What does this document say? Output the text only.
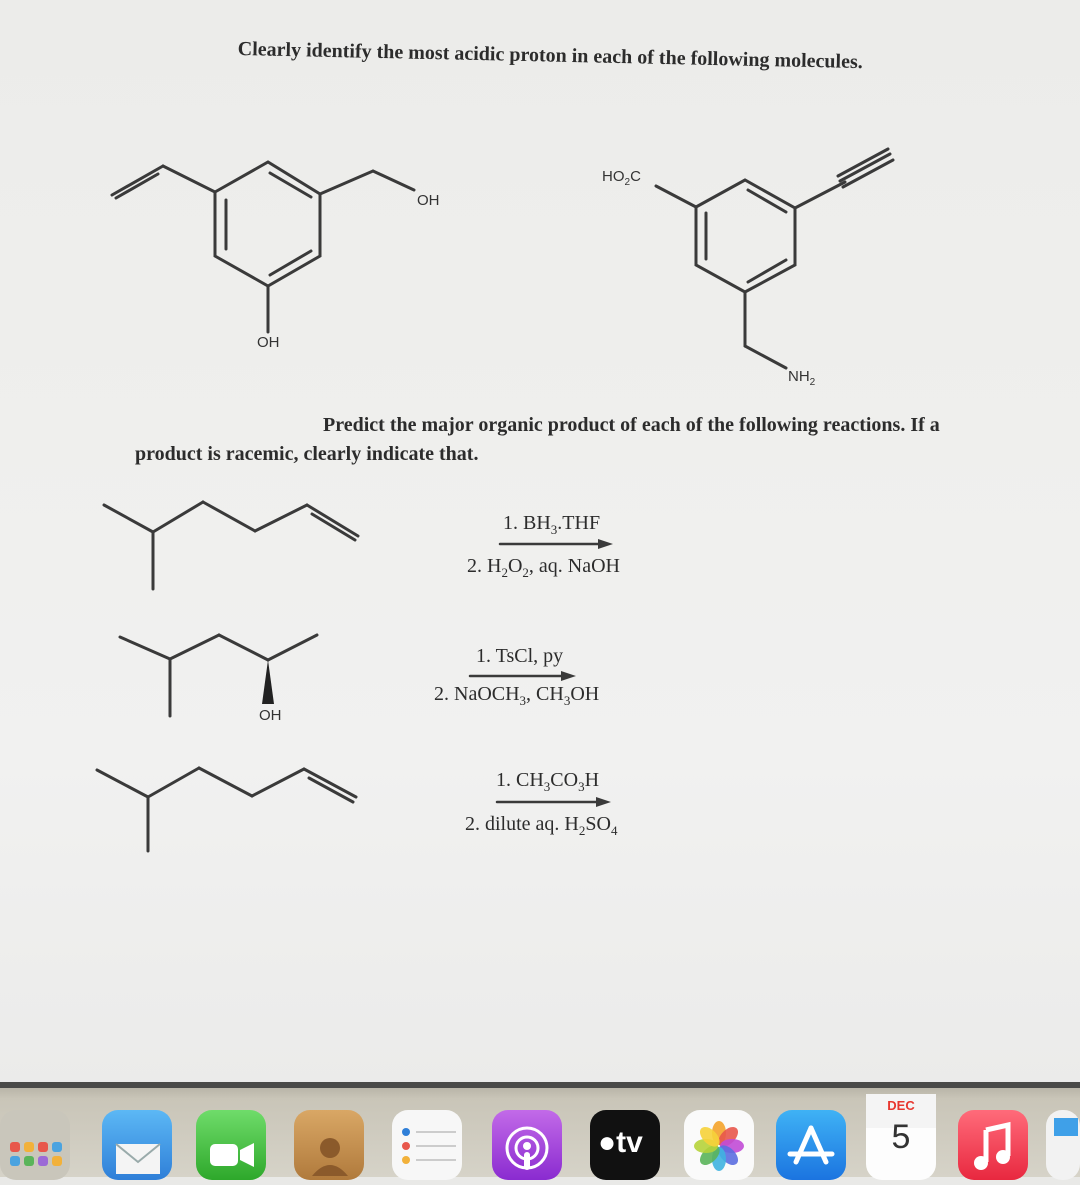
Clearly identify the most acidic proton in each of the following molecules.
OH
OH
$HO_2C$
$NH_2$
Predict the major organic product of each of the following reactions. If a
product is racemic, clearly indicate that.
1. $BH_3.THF$
2. $H_2O_2$, aq. NaOH
OH
1. TsCl, py
2. NaOCH$_3$, $CH_3OH$
1. $CH_3CO_3H$
2. dilute aq. $H_2SO_4$
●tv
DEC
5
